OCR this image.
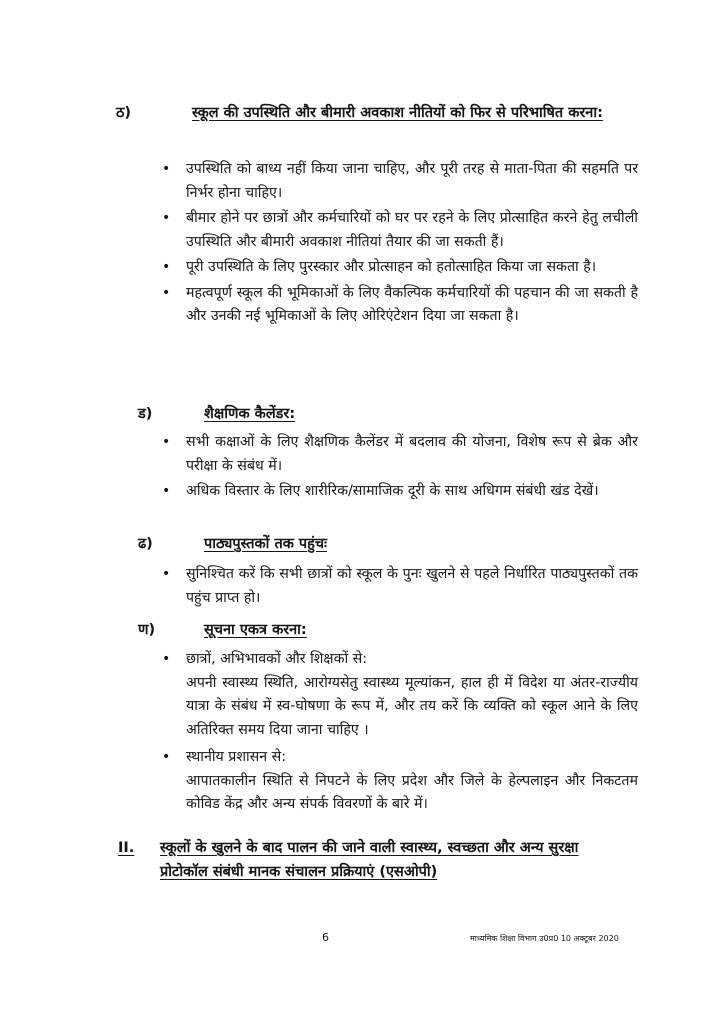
ठ)	स्कूल की उपस्थिति और बीमारी अवकाश नीतियों को फिर से परिभाषित करना:
• उपस्थिति को बाध्य नहीं किया जाना चाहिए, और पूरी तरह से माता-पिता की सहमति पर निर्भर होना चाहिए।
• बीमार होने पर छात्रों और कर्मचारियों को घर पर रहने के लिए प्रोत्साहित करने हेतु लचीली उपस्थिति और बीमारी अवकाश नीतियां तैयार की जा सकती हैं।
• पूरी उपस्थिति के लिए पुरस्कार और प्रोत्साहन को हतोत्साहित किया जा सकता है।
• महत्वपूर्ण स्कूल की भूमिकाओं के लिए वैकल्पिक कर्मचारियों की पहचान की जा सकती है और उनकी नई भूमिकाओं के लिए ओरिएंटेशन दिया जा सकता है।
ड)	शैक्षणिक कैलेंडर:
• सभी कक्षाओं के लिए शैक्षणिक कैलेंडर में बदलाव की योजना, विशेष रूप से ब्रेक और परीक्षा के संबंध में।
• अधिक विस्तार के लिए शारीरिक/सामाजिक दूरी के साथ अधिगम संबंधी खंड देखें।
ढ)	पाठ्यपुस्तकों तक पहुंचः
• सुनिश्चित करें कि सभी छात्रों को स्कूल के पुनः खुलने से पहले निर्धारित पाठ्यपुस्तकों तक पहुंच प्राप्त हो।
ण)	सूचना एकत्र करना:
• छात्रों, अभिभावकों और शिक्षकों से:
अपनी स्वास्थ्य स्थिति, आरोग्यसेतु स्वास्थ्य मूल्यांकन, हाल ही में विदेश या अंतर-राज्यीय यात्रा के संबंध में स्व-घोषणा के रूप में, और तय करें कि व्यक्ति को स्कूल आने के लिए अतिरिक्त समय दिया जाना चाहिए ।
• स्थानीय प्रशासन से:
आपातकालीन स्थिति से निपटने के लिए प्रदेश और जिले के हेल्पलाइन और निकटतम कोविड केंद्र और अन्य संपर्क विवरणों के बारे में।
II.	स्कूलों के खुलने के बाद पालन की जाने वाली स्वास्थ्य, स्वच्छता और अन्य सुरक्षा प्रोटोकॉल संबंधी मानक संचालन प्रक्रियाएं (एसओपी)
6	माध्यमिक शिक्षा विभाग उ0प्र0 10 अक्टूबर 2020
